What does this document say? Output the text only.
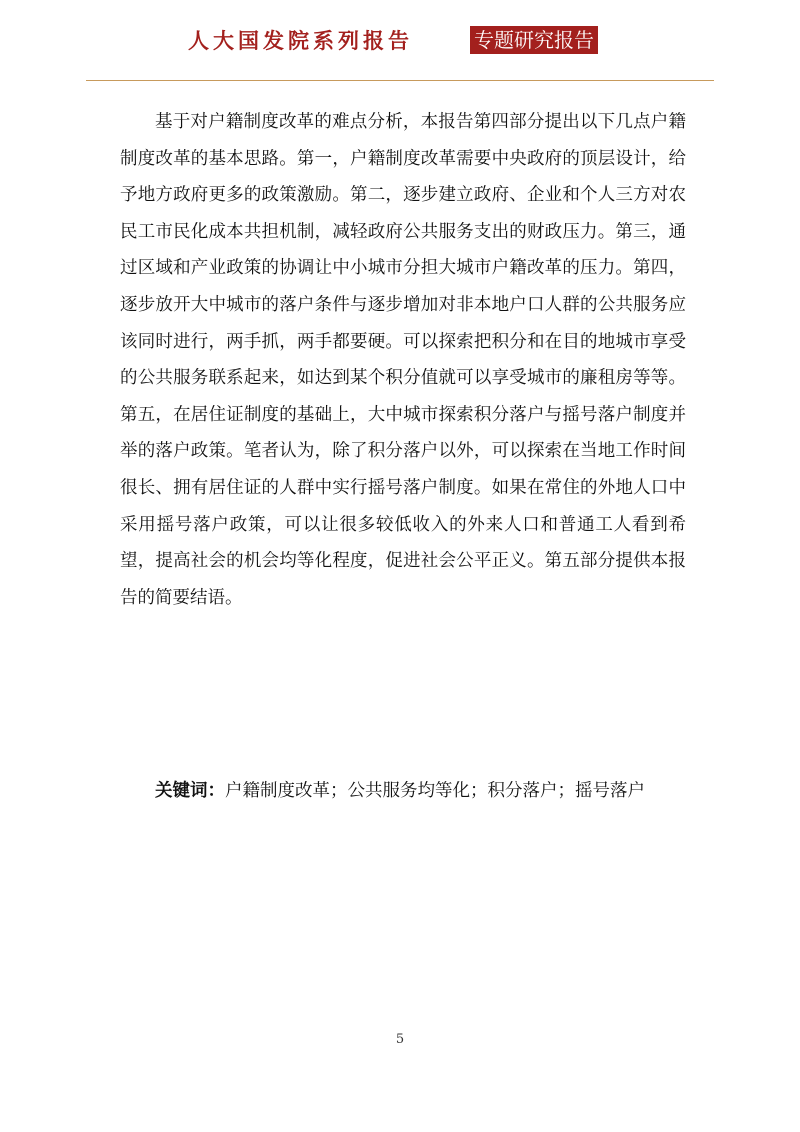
人大国发院系列报告	专题研究报告

基于对户籍制度改革的难点分析，本报告第四部分提出以下几点户籍制度改革的基本思路。第一，户籍制度改革需要中央政府的顶层设计，给予地方政府更多的政策激励。第二，逐步建立政府、企业和个人三方对农民工市民化成本共担机制，减轻政府公共服务支出的财政压力。第三，通过区域和产业政策的协调让中小城市分担大城市户籍改革的压力。第四，逐步放开大中城市的落户条件与逐步增加对非本地户口人群的公共服务应该同时进行，两手抓，两手都要硬。可以探索把积分和在目的地城市享受的公共服务联系起来，如达到某个积分值就可以享受城市的廉租房等等。第五，在居住证制度的基础上，大中城市探索积分落户与摇号落户制度并举的落户政策。笔者认为，除了积分落户以外，可以探索在当地工作时间很长、拥有居住证的人群中实行摇号落户制度。如果在常住的外地人口中采用摇号落户政策，可以让很多较低收入的外来人口和普通工人看到希望，提高社会的机会均等化程度，促进社会公平正义。第五部分提供本报告的简要结语。

关键词：户籍制度改革；公共服务均等化；积分落户；摇号落户

5
